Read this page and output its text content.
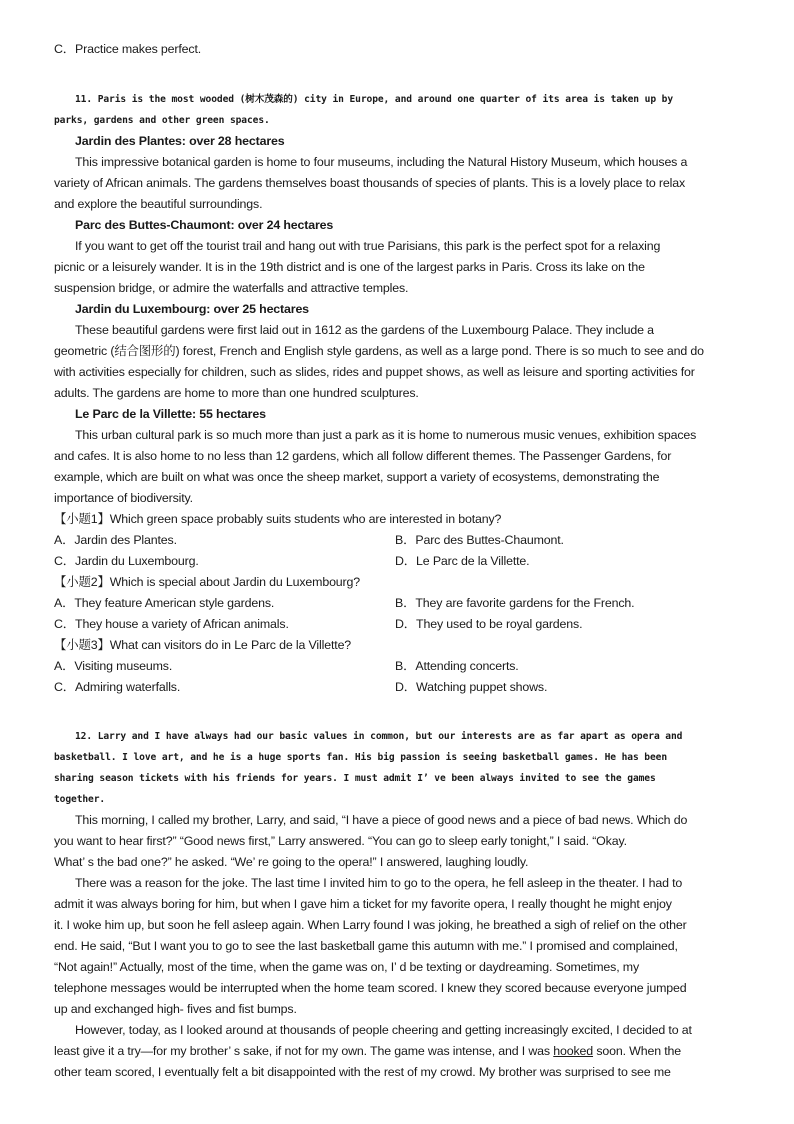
C．Practice makes perfect.
11. Paris is the most wooded (树木茂森的) city in Europe, and around one quarter of its area is taken up by
parks, gardens and other green spaces.
Jardin des Plantes: over 28 hectares
This impressive botanical garden is home to four museums, including the Natural History Museum, which houses a
variety of African animals. The gardens themselves boast thousands of species of plants. This is a lovely place to relax
and explore the beautiful surroundings.
Parc des Buttes-Chaumont: over 24 hectares
If you want to get off the tourist trail and hang out with true Parisians, this park is the perfect spot for a relaxing
picnic or a leisurely wander. It is in the 19th district and is one of the largest parks in Paris. Cross its lake on the
suspension bridge, or admire the waterfalls and attractive temples.
Jardin du Luxembourg: over 25 hectares
These beautiful gardens were first laid out in 1612 as the gardens of the Luxembourg Palace. They include a
geometric (结合图形的) forest, French and English style gardens, as well as a large pond. There is so much to see and do
with activities especially for children, such as slides, rides and puppet shows, as well as leisure and sporting activities for
adults. The gardens are home to more than one hundred sculptures.
Le Parc de la Villette: 55 hectares
This urban cultural park is so much more than just a park as it is home to numerous music venues, exhibition spaces
and cafes. It is also home to no less than 12 gardens, which all follow different themes. The Passenger Gardens, for
example, which are built on what was once the sheep market, support a variety of ecosystems, demonstrating the
importance of biodiversity.
【小题1】Which green space probably suits students who are interested in botany?
A．Jardin des Plantes.	B．Parc des Buttes-Chaumont.
C．Jardin du Luxembourg.	D．Le Parc de la Villette.
【小题2】Which is special about Jardin du Luxembourg?
A．They feature American style gardens.	B．They are favorite gardens for the French.
C．They house a variety of African animals.	D．They used to be royal gardens.
【小题3】What can visitors do in Le Parc de la Villette?
A．Visiting museums.	B．Attending concerts.
C．Admiring waterfalls.	D．Watching puppet shows.
12. Larry and I have always had our basic values in common, but our interests are as far apart as opera and
basketball. I love art, and he is a huge sports fan. His big passion is seeing basketball games. He has been
sharing season tickets with his friends for years. I must admit I’ ve been always invited to see the games
together.
This morning, I called my brother, Larry, and said, “I have a piece of good news and a piece of bad news. Which do
you want to hear first?” “Good news first,” Larry answered. “You can go to sleep early tonight,” I said. “Okay.
What’ s the bad one?” he asked. “We’ re going to the opera!” I answered, laughing loudly.
There was a reason for the joke. The last time I invited him to go to the opera, he fell asleep in the theater. I had to
admit it was always boring for him, but when I gave him a ticket for my favorite opera, I really thought he might enjoy
it. I woke him up, but soon he fell asleep again. When Larry found I was joking, he breathed a sigh of relief on the other
end. He said, “But I want you to go to see the last basketball game this autumn with me.” I promised and complained,
“Not again!” Actually, most of the time, when the game was on, I’ d be texting or daydreaming. Sometimes, my
telephone messages would be interrupted when the home team scored. I knew they scored because everyone jumped
up and exchanged high- fives and fist bumps.
However, today, as I looked around at thousands of people cheering and getting increasingly excited, I decided to at
least give it a try—for my brother’ s sake, if not for my own. The game was intense, and I was hooked soon. When the
other team scored, I eventually felt a bit disappointed with the rest of my crowd. My brother was surprised to see me
